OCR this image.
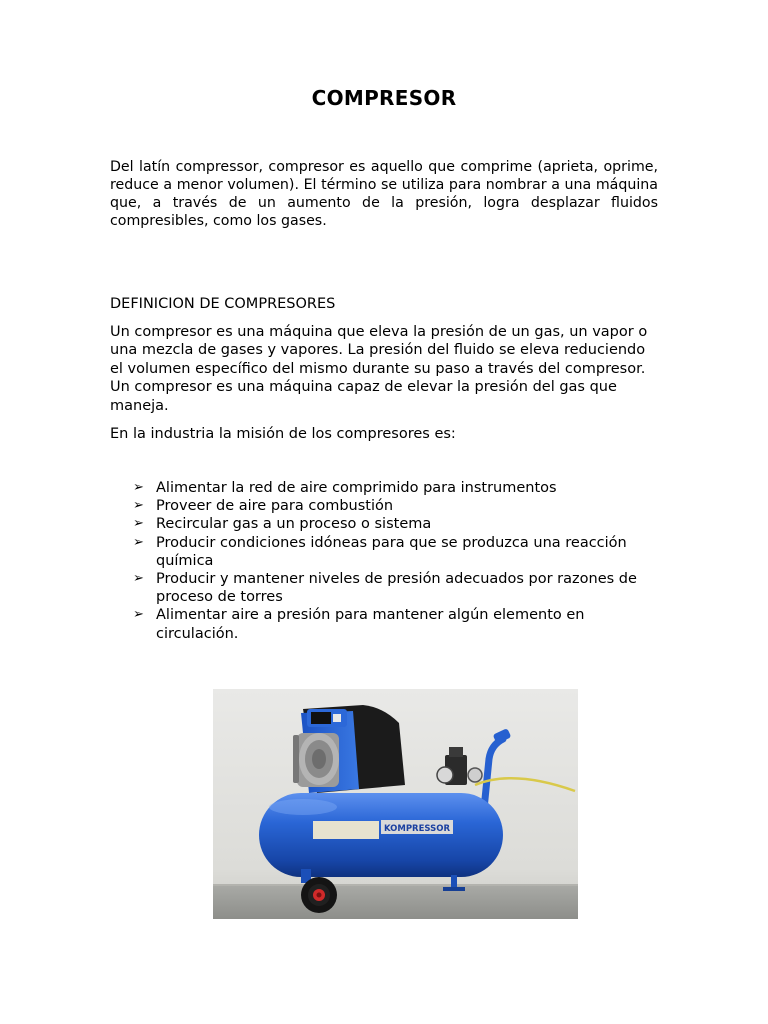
COMPRESOR
Del latín compressor, compresor es aquello que comprime (aprieta, oprime, reduce a menor volumen). El término se utiliza para nombrar a una máquina que, a través de un aumento de la presión, logra desplazar fluidos compresibles, como los gases.
DEFINICION DE COMPRESORES
Un compresor es una máquina que eleva la presión de un gas, un vapor o una mezcla de gases y vapores. La presión del fluido se eleva reduciendo el volumen específico del mismo durante su paso a través del compresor. Un compresor es una máquina capaz de elevar la presión del gas que maneja.
En la industria la misión de los compresores es:
➢ Alimentar la red de aire comprimido para instrumentos
➢ Proveer de aire para combustión
➢ Recircular gas a un proceso o sistema
➢ Producir condiciones idóneas para que se produzca una reacción química
➢ Producir y mantener niveles de presión adecuados por razones de proceso de torres
➢ Alimentar aire a presión para mantener algún elemento en circulación.
KOMPRESSOR
